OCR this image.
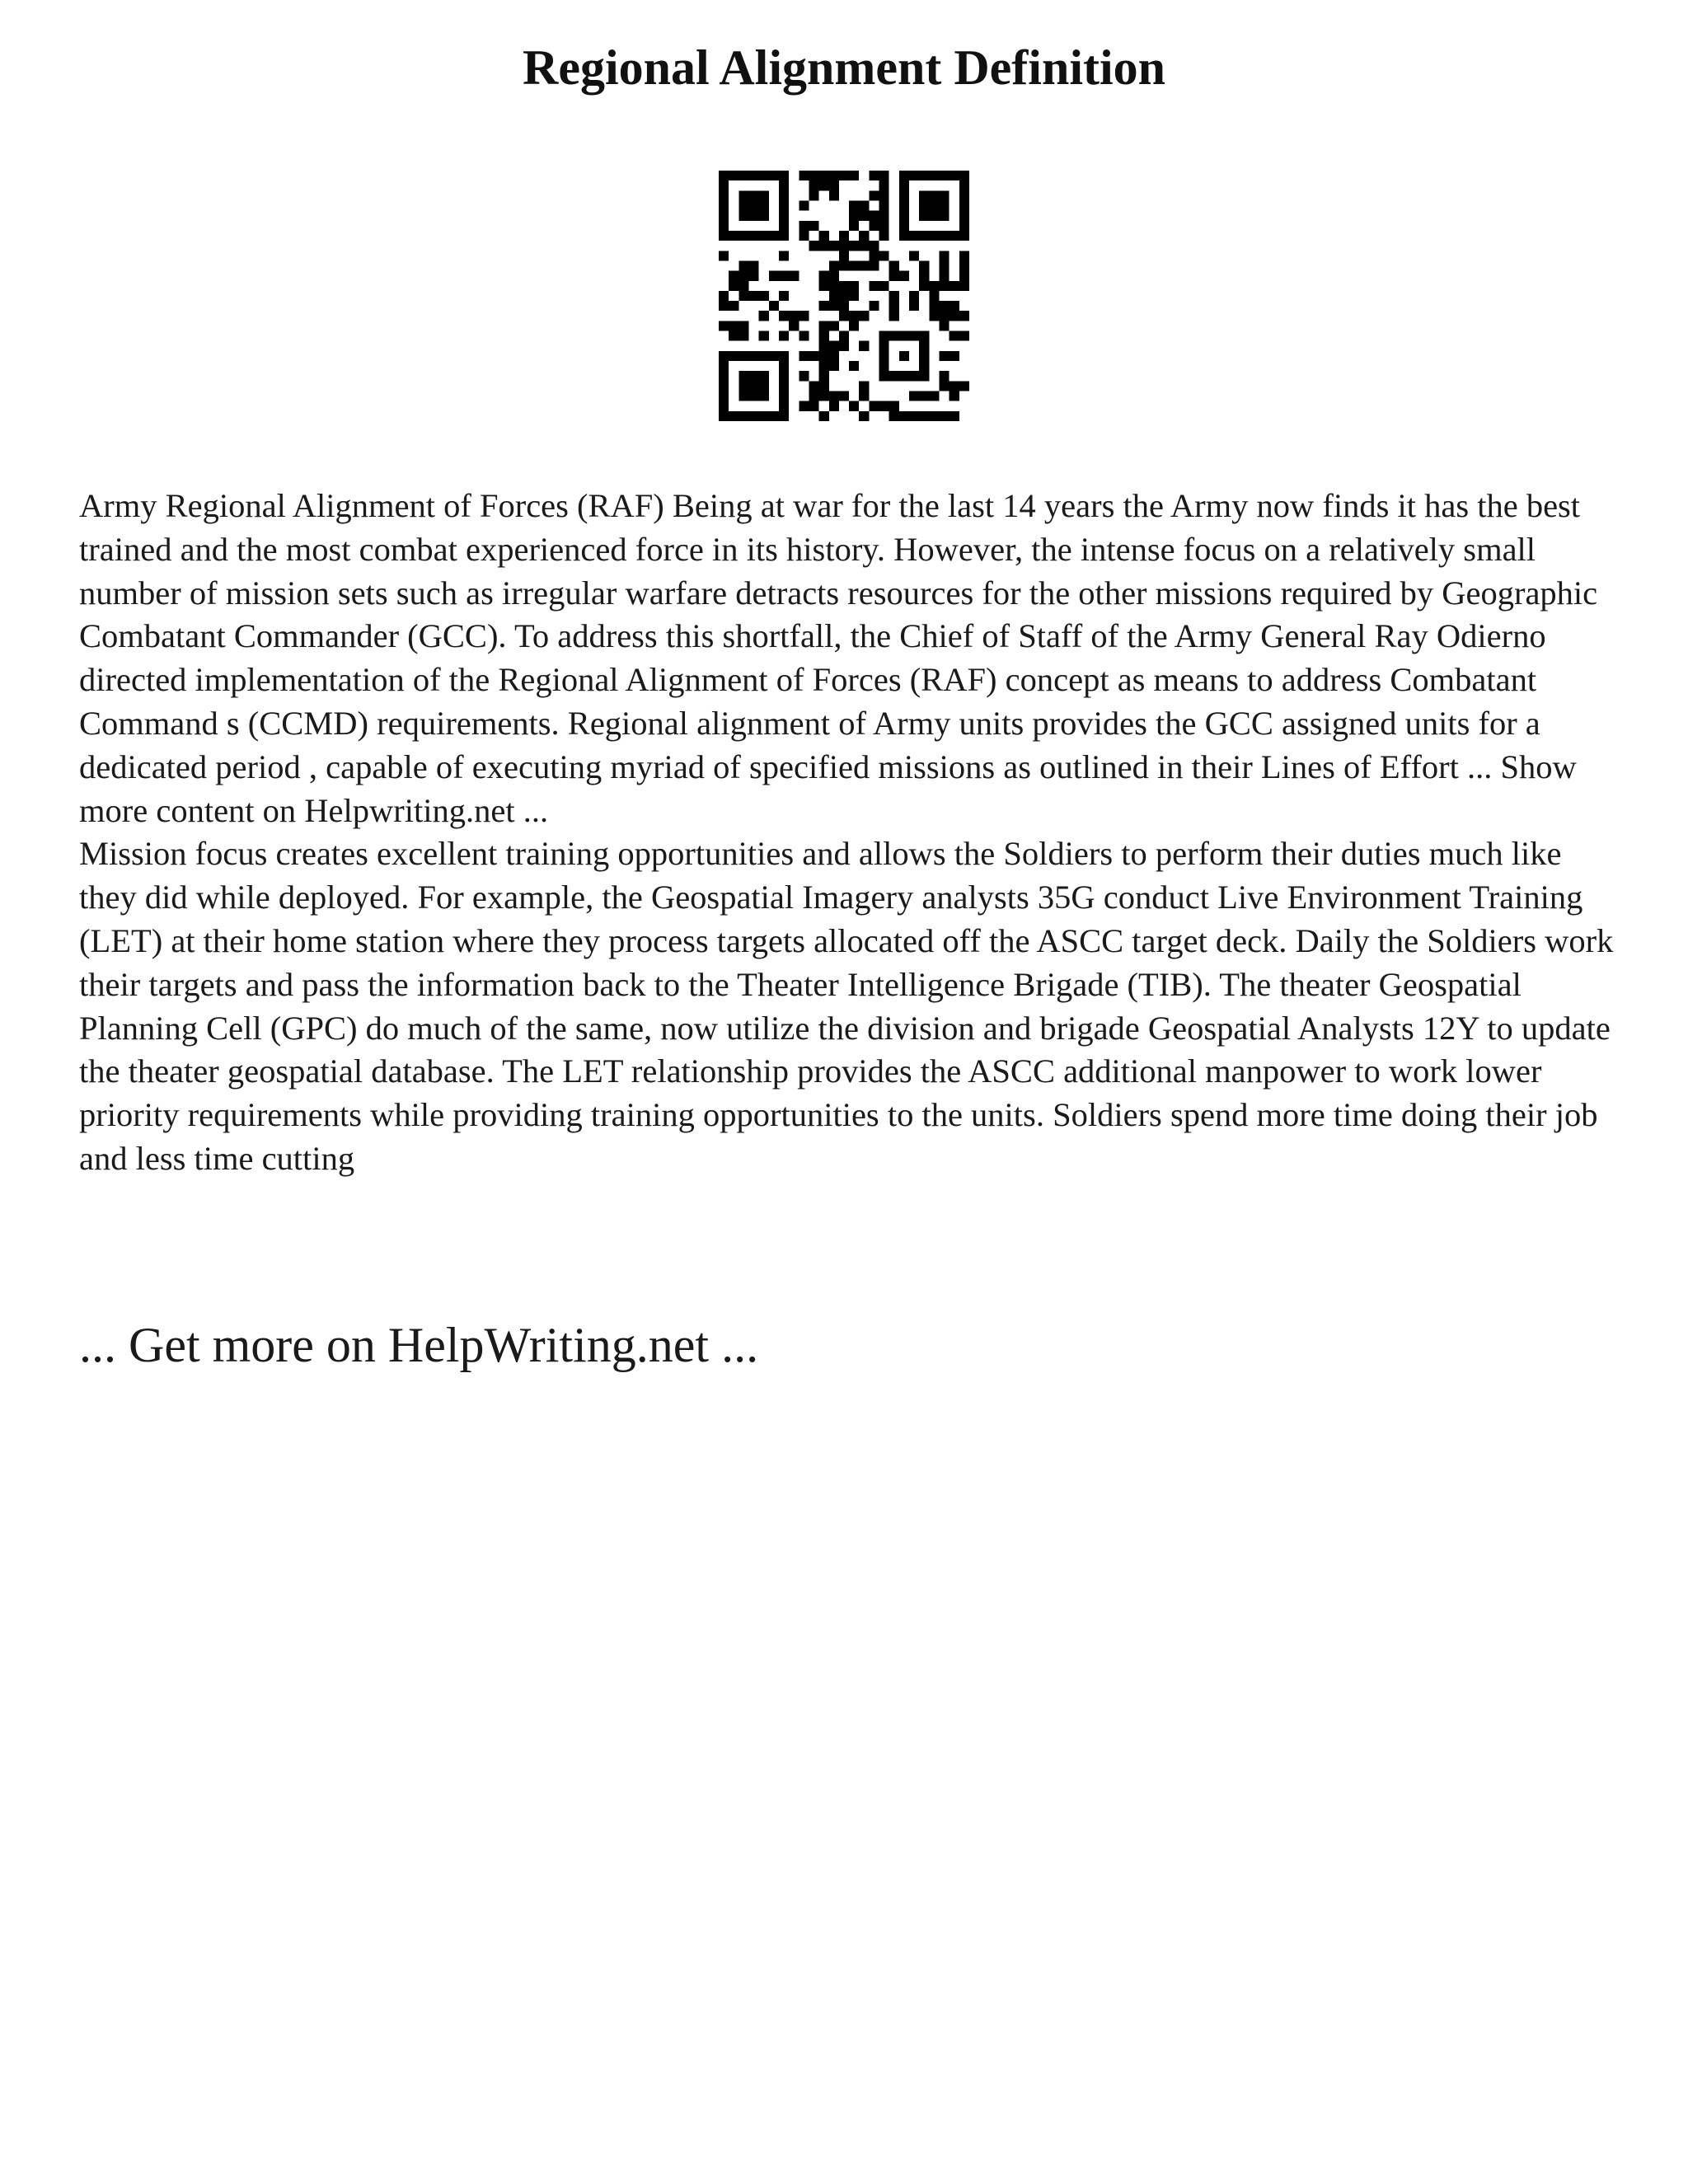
Regional Alignment Definition

Army Regional Alignment of Forces (RAF) Being at war for the last 14 years the Army now finds it has the best trained and the most combat experienced force in its history. However, the intense focus on a relatively small number of mission sets such as irregular warfare detracts resources for the other missions required by Geographic Combatant Commander (GCC). To address this shortfall, the Chief of Staff of the Army General Ray Odierno directed implementation of the Regional Alignment of Forces (RAF) concept as means to address Combatant Command s (CCMD) requirements. Regional alignment of Army units provides the GCC assigned units for a dedicated period , capable of executing myriad of specified missions as outlined in their Lines of Effort ... Show more content on Helpwriting.net ...

Mission focus creates excellent training opportunities and allows the Soldiers to perform their duties much like they did while deployed. For example, the Geospatial Imagery analysts 35G conduct Live Environment Training (LET) at their home station where they process targets allocated off the ASCC target deck. Daily the Soldiers work their targets and pass the information back to the Theater Intelligence Brigade (TIB). The theater Geospatial Planning Cell (GPC) do much of the same, now utilize the division and brigade Geospatial Analysts 12Y to update the theater geospatial database. The LET relationship provides the ASCC additional manpower to work lower priority requirements while providing training opportunities to the units. Soldiers spend more time doing their job and less time cutting

... Get more on HelpWriting.net ...
